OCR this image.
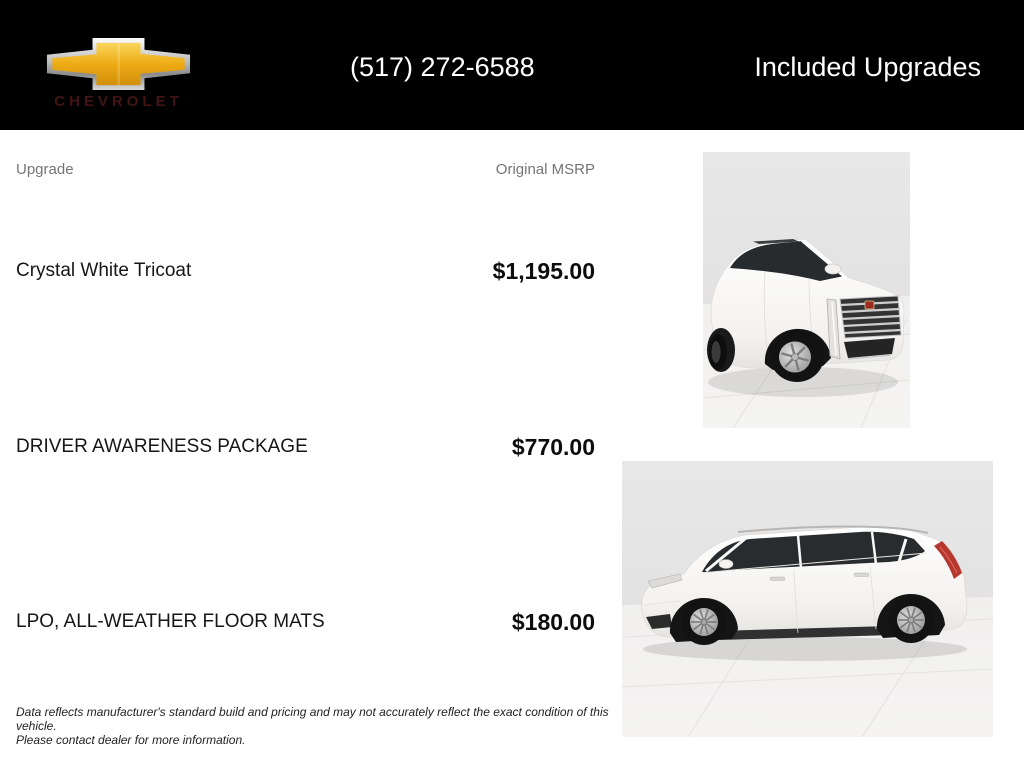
CHEVROLET
(517) 272-6588	Included Upgrades
Upgrade	Original MSRP
Crystal White Tricoat	$1,195.00
DRIVER AWARENESS PACKAGE	$770.00
LPO, ALL-WEATHER FLOOR MATS	$180.00
Data reflects manufacturer's standard build and pricing and may not accurately reflect the exact condition of this vehicle.
Please contact dealer for more information.
